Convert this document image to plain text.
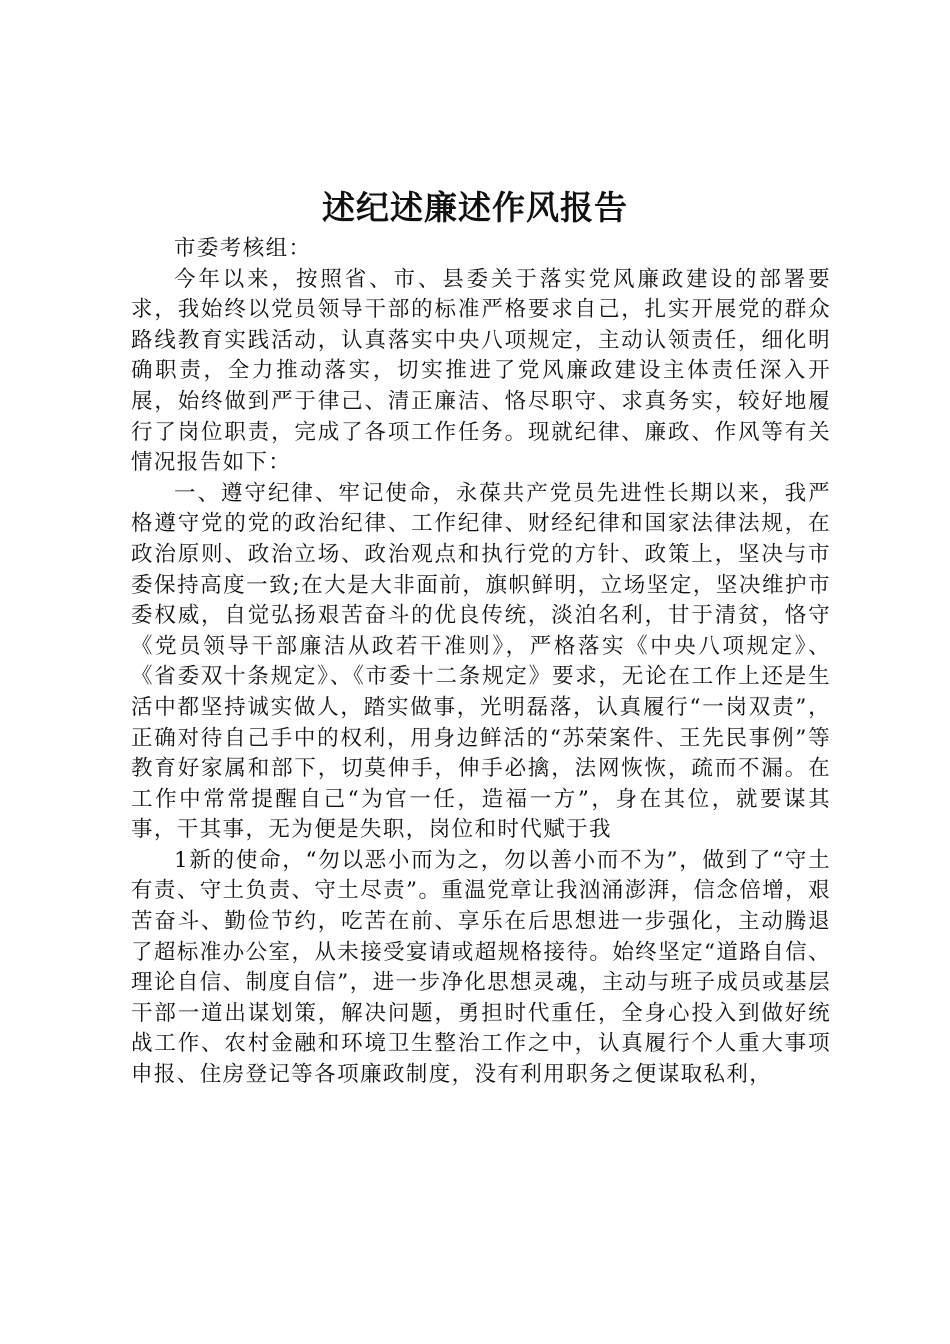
述纪述廉述作风报告

市委考核组：

今年以来，按照省、市、县委关于落实党风廉政建设的部署要求，我始终以党员领导干部的标准严格要求自己，扎实开展党的群众路线教育实践活动，认真落实中央八项规定，主动认领责任，细化明确职责，全力推动落实，切实推进了党风廉政建设主体责任深入开展，始终做到严于律己、清正廉洁、恪尽职守、求真务实，较好地履行了岗位职责，完成了各项工作任务。现就纪律、廉政、作风等有关情况报告如下：

一、遵守纪律、牢记使命，永葆共产党员先进性长期以来，我严格遵守党的党的政治纪律、工作纪律、财经纪律和国家法律法规，在政治原则、政治立场、政治观点和执行党的方针、政策上，坚决与市委保持高度一致;在大是大非面前，旗帜鲜明，立场坚定，坚决维护市委权威，自觉弘扬艰苦奋斗的优良传统，淡泊名利，甘于清贫，恪守《党员领导干部廉洁从政若干准则》，严格落实《中央八项规定》、《省委双十条规定》、《市委十二条规定》要求，无论在工作上还是生活中都坚持诚实做人，踏实做事，光明磊落，认真履行“一岗双责”，正确对待自己手中的权利，用身边鲜活的“苏荣案件、王先民事例”等教育好家属和部下，切莫伸手，伸手必擒，法网恢恢，疏而不漏。在工作中常常提醒自己“为官一任，造福一方”，身在其位，就要谋其事，干其事，无为便是失职，岗位和时代赋于我

1新的使命，“勿以恶小而为之，勿以善小而不为”，做到了“守土有责、守土负责、守土尽责”。重温党章让我汹涌澎湃，信念倍增，艰苦奋斗、勤俭节约，吃苦在前、享乐在后思想进一步强化，主动腾退了超标准办公室，从未接受宴请或超规格接待。始终坚定“道路自信、理论自信、制度自信”，进一步净化思想灵魂，主动与班子成员或基层干部一道出谋划策，解决问题，勇担时代重任，全身心投入到做好统战工作、农村金融和环境卫生整治工作之中，认真履行个人重大事项申报、住房登记等各项廉政制度，没有利用职务之便谋取私利，
